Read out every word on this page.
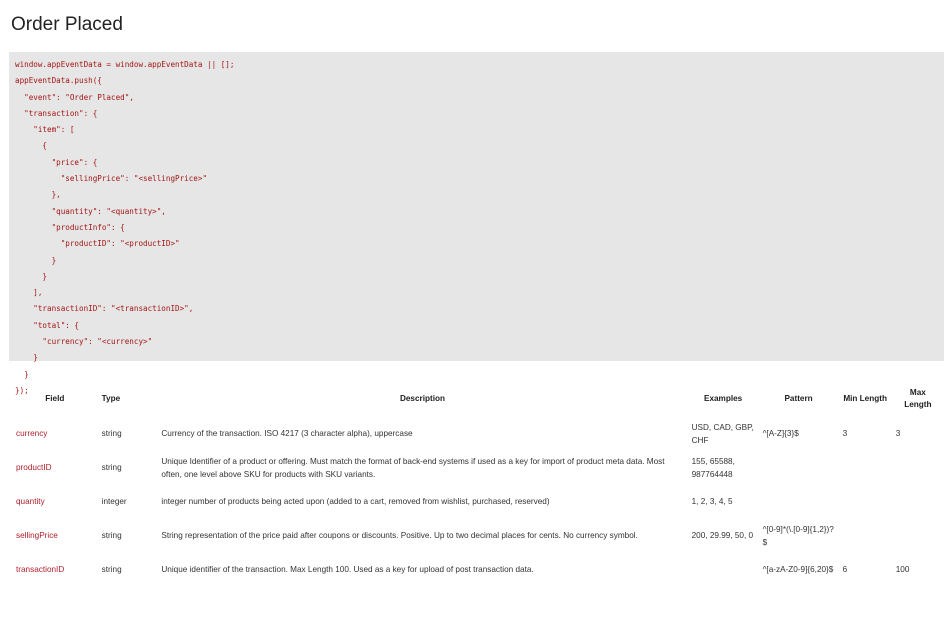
Order Placed
window.appEventData = window.appEventData || [];
appEventData.push({
"event": "Order Placed",
"transaction": {
"item": [
{
"price": {
"sellingPrice": "<sellingPrice>"
},
"quantity": "<quantity>",
"productInfo": {
"productID": "<productID>"
}
}
],
"transactionID": "<transactionID>",
"total": {
"currency": "<currency>"
}
}
});
Field	Type	Description	Examples	Pattern	Min Length	Max Length
currency	string	Currency of the transaction. ISO 4217 (3 character alpha), uppercase	USD, CAD, GBP, CHF	^[A-Z]{3}$	3	3
productID	string	Unique Identifier of a product or offering. Must match the format of back-end systems if used as a key for import of product meta data. Most often, one level above SKU for products with SKU variants.	155, 65588, 987764448			
quantity	integer	integer number of products being acted upon (added to a cart, removed from wishlist, purchased, reserved)	1, 2, 3, 4, 5			
sellingPrice	string	String representation of the price paid after coupons or discounts. Positive. Up to two decimal places for cents. No currency symbol.	200, 29.99, 50, 0	^[0-9]*(\.[0-9]{1,2})?$		
transactionID	string	Unique identifier of the transaction. Max Length 100. Used as a key for upload of post transaction data.		^[a-zA-Z0-9]{6,20}$	6	100
